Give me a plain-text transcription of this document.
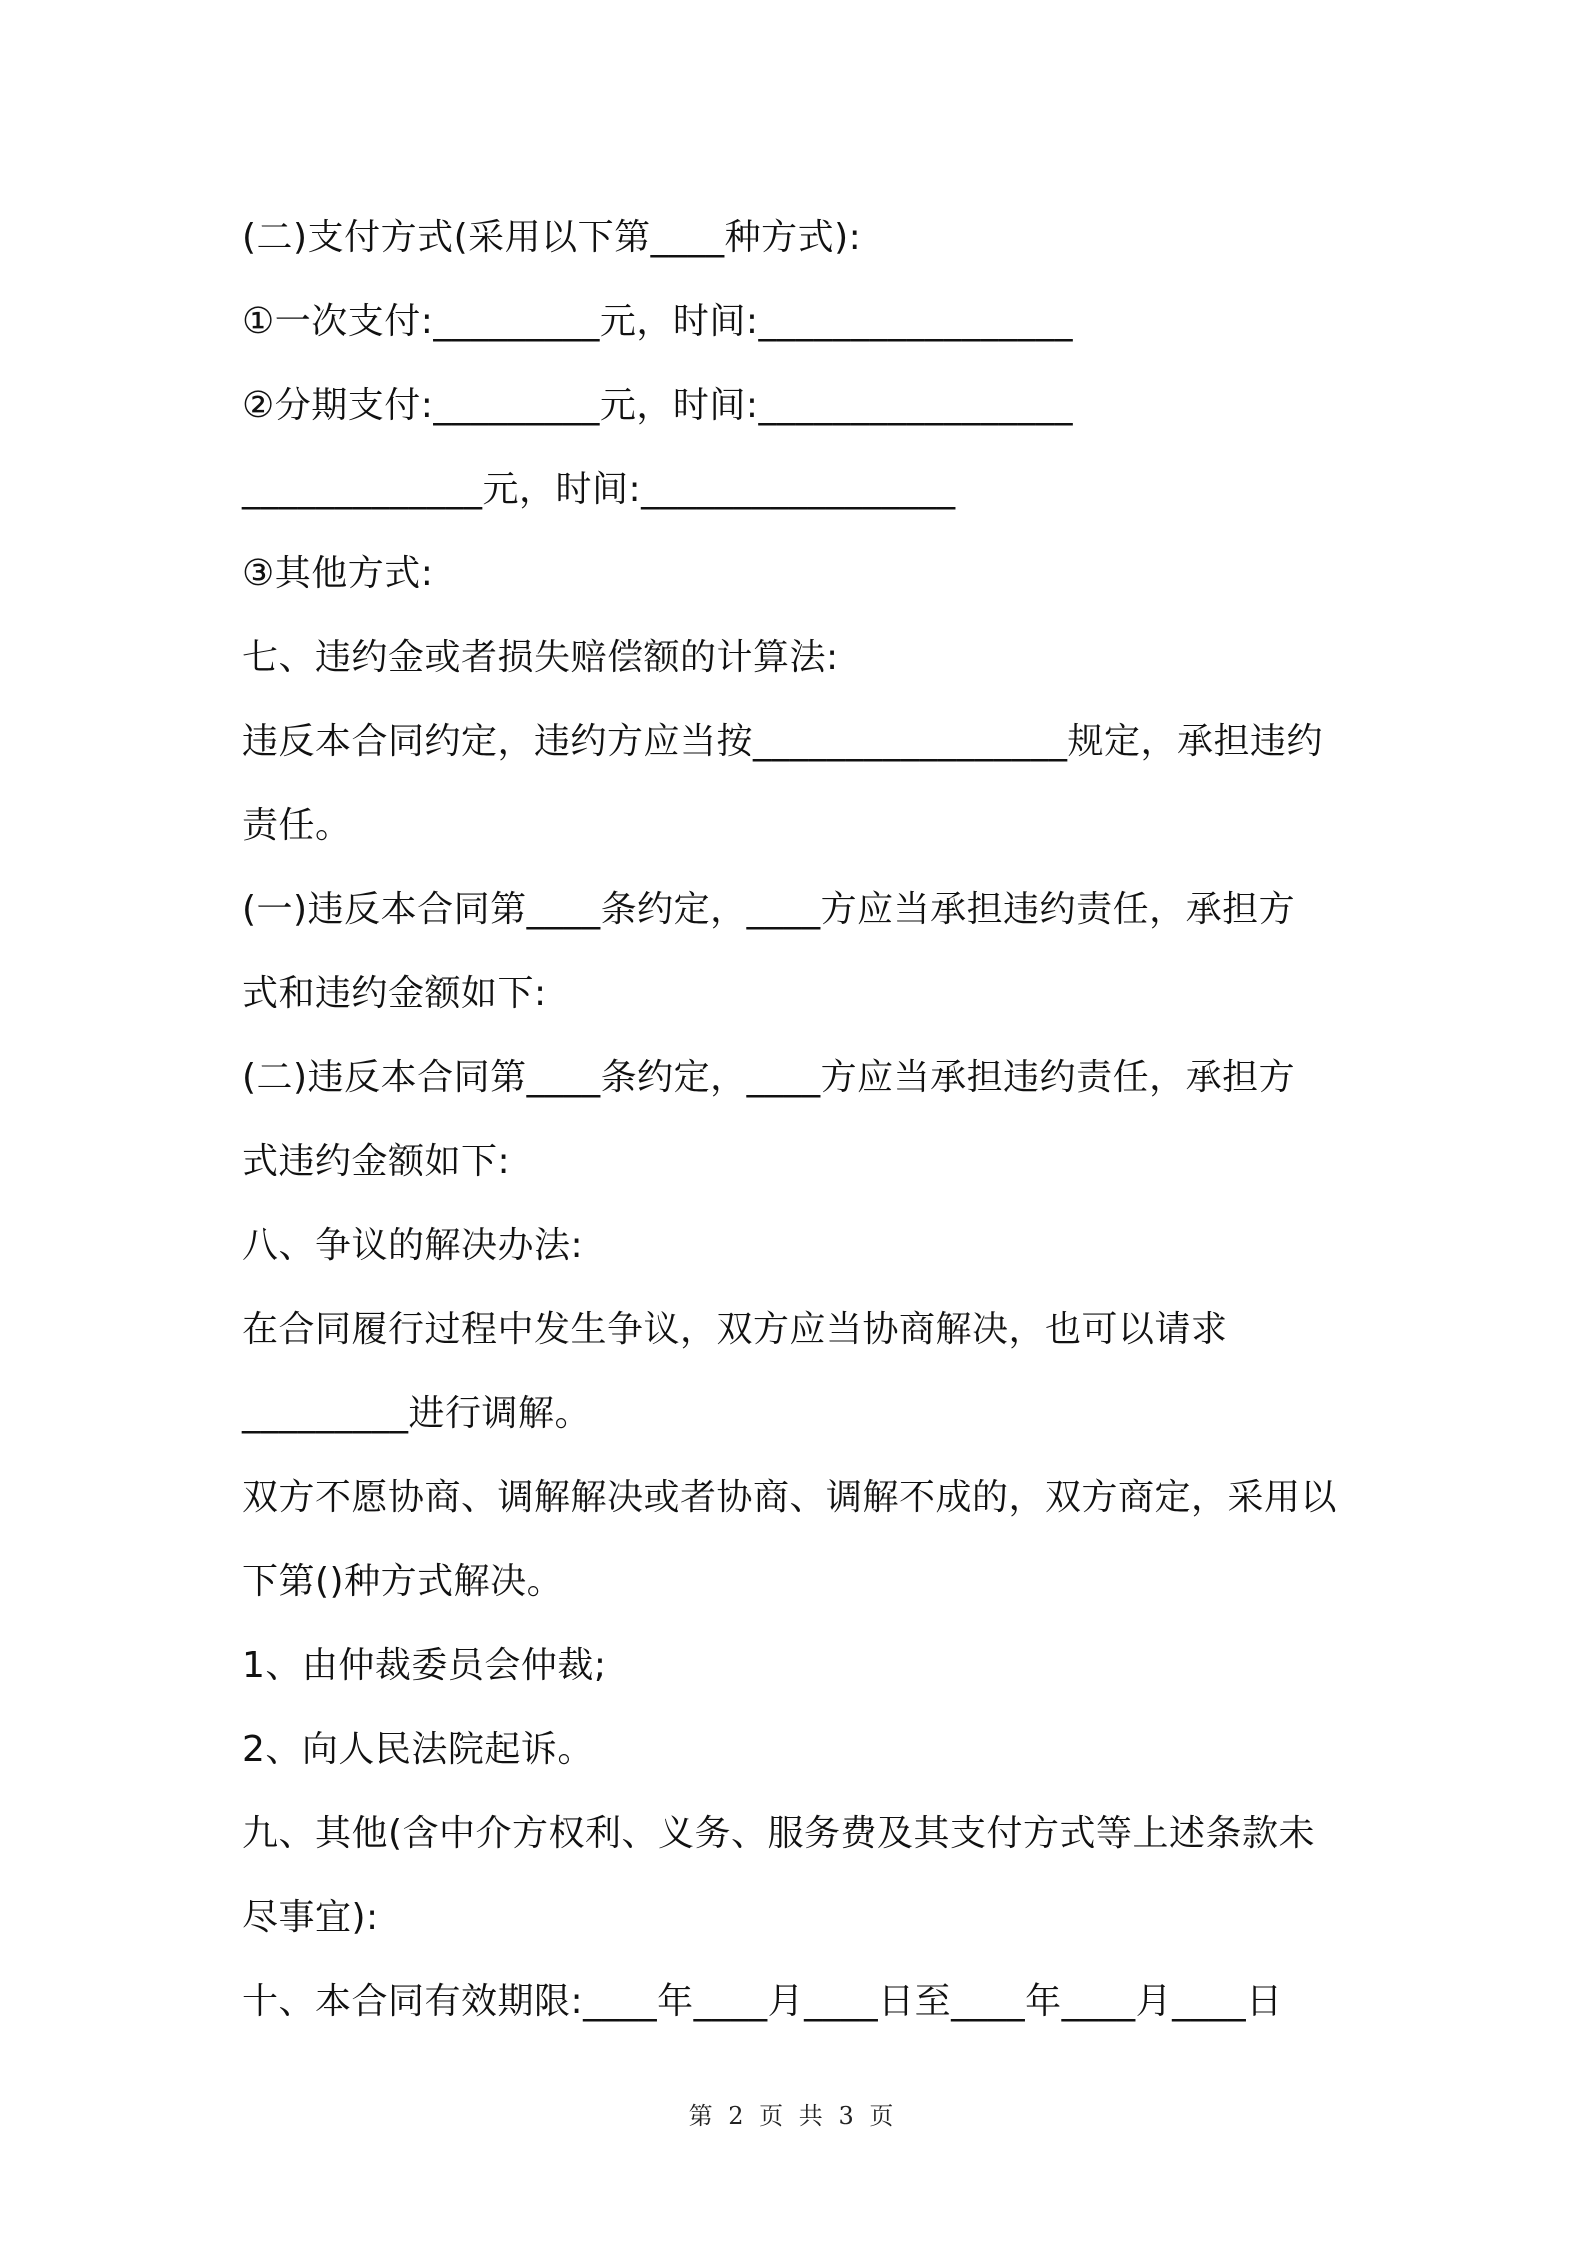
(二)支付方式(采用以下第____种方式):
①一次支付:_________元，时间:_________________
②分期支付:_________元，时间:_________________
_____________元，时间:_________________
③其他方式:
七、违约金或者损失赔偿额的计算法:
违反本合同约定，违约方应当按_________________规定，承担违约
责任。
(一)违反本合同第____条约定，____方应当承担违约责任，承担方
式和违约金额如下:
(二)违反本合同第____条约定，____方应当承担违约责任，承担方
式违约金额如下:
八、争议的解决办法:
在合同履行过程中发生争议，双方应当协商解决，也可以请求
_________进行调解。
双方不愿协商、调解解决或者协商、调解不成的，双方商定，采用以
下第()种方式解决。
1、由仲裁委员会仲裁;
2、向人民法院起诉。
九、其他(含中介方权利、义务、服务费及其支付方式等上述条款未
尽事宜):
十、本合同有效期限:____年____月____日至____年____月____日
第 2 页 共 3 页
